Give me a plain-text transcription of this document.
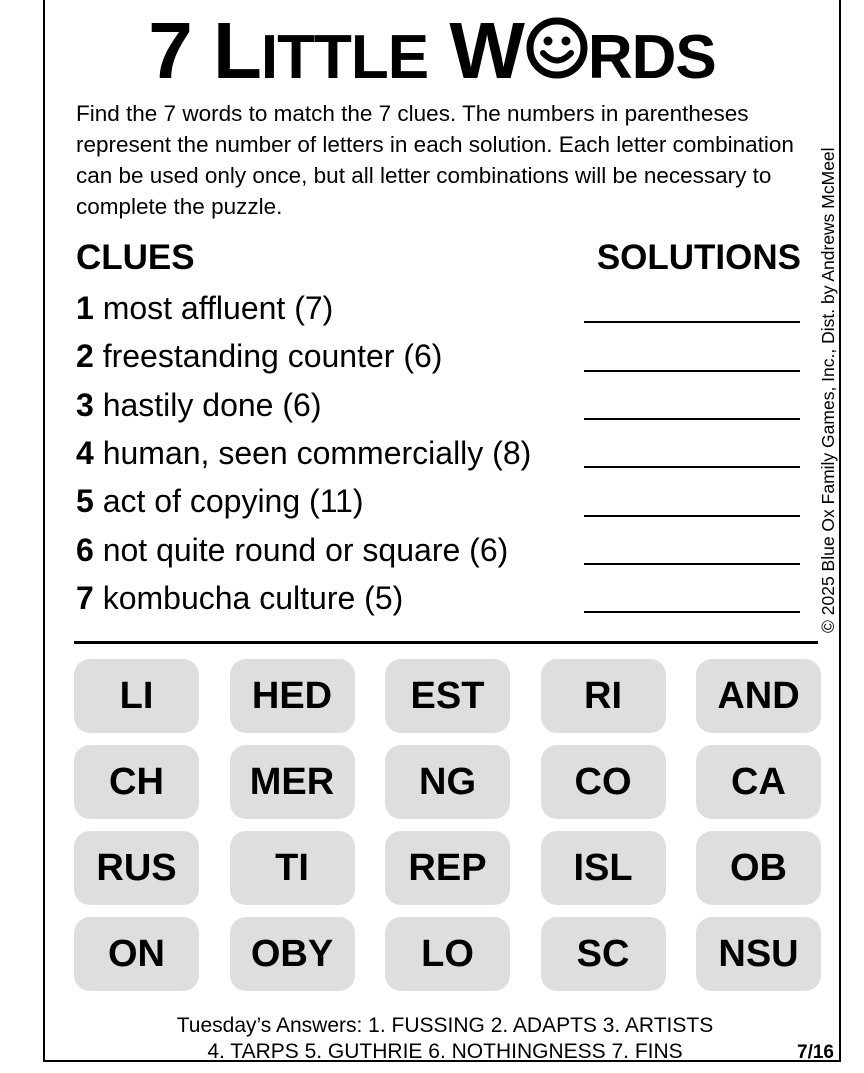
7 LITTLE W RDS
Find the 7 words to match the 7 clues. The numbers in parentheses represent the number of letters in each solution. Each letter combination can be used only once, but all letter combinations will be necessary to complete the puzzle.
CLUES	SOLUTIONS
1 most affluent (7)
2 freestanding counter (6)
3 hastily done (6)
4 human, seen commercially (8)
5 act of copying (11)
6 not quite round or square (6)
7 kombucha culture (5)	© 2025 Blue Ox Family Games, Inc., Dist. by Andrews McMeel
LI	HED	EST	RI	AND
CH	MER	NG	CO	CA
RUS	TI	REP	ISL	OB
ON	OBY	LO	SC	NSU
Tuesday’s Answers: 1. FUSSING 2. ADAPTS 3. ARTISTS
4. TARPS 5. GUTHRIE 6. NOTHINGNESS 7. FINS	7/16
